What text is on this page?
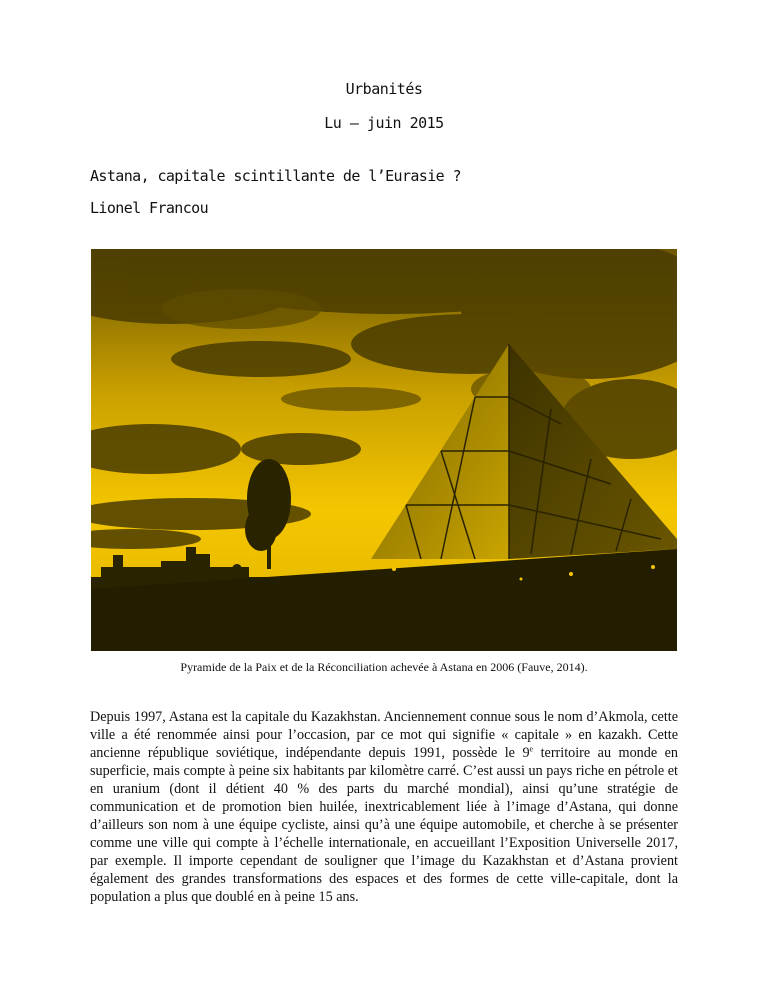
Urbanités
Lu – juin 2015
Astana, capitale scintillante de l’Eurasie ?
Lionel Francou
Pyramide de la Paix et de la Réconciliation achevée à Astana en 2006 (Fauve, 2014).

Depuis 1997, Astana est la capitale du Kazakhstan. Anciennement connue sous le nom d’Akmola, cette ville a été renommée ainsi pour l’occasion, par ce mot qui signifie « capitale » en kazakh. Cette ancienne république soviétique, indépendante depuis 1991, possède le 9e territoire au monde en superficie, mais compte à peine six habitants par kilomètre carré. C’est aussi un pays riche en pétrole et en uranium (dont il détient 40 % des parts du marché mondial), ainsi qu’une stratégie de communication et de promotion bien huilée, inextricablement liée à l’image d’Astana, qui donne d’ailleurs son nom à une équipe cycliste, ainsi qu’à une équipe automobile, et cherche à se présenter comme une ville qui compte à l’échelle internationale, en accueillant l’Exposition Universelle 2017, par exemple. Il importe cependant de souligner que l’image du Kazakhstan et d’Astana provient également des grandes transformations des espaces et des formes de cette ville-capitale, dont la population a plus que doublé en à peine 15 ans.
